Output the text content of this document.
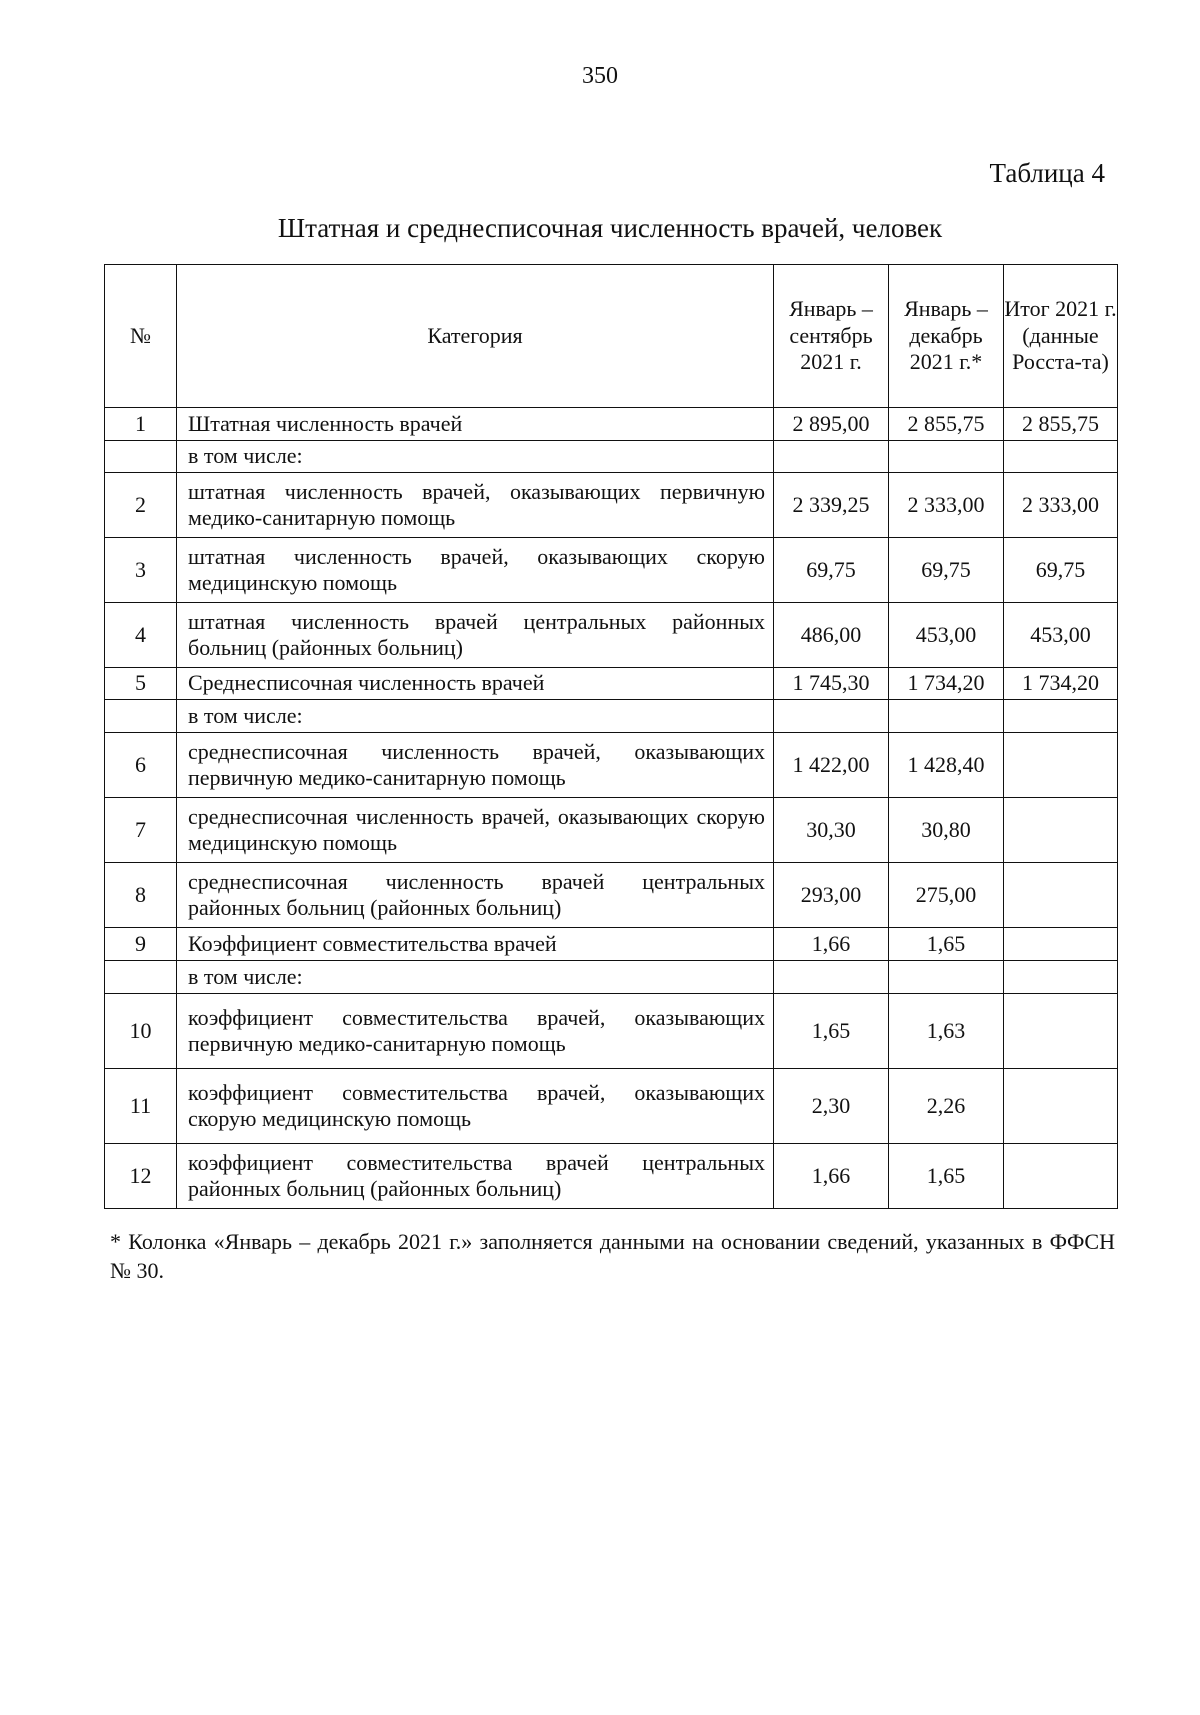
350
Таблица 4
Штатная и среднесписочная численность врачей, человек
№	Категория	Январь – сентябрь 2021 г.	Январь – декабрь 2021 г.*	Итог 2021 г. (данные Росста-та)
1	Штатная численность врачей	2 895,00	2 855,75	2 855,75
	в том числе:			
2	штатная численность врачей, оказывающих первичную медико-санитарную помощь	2 339,25	2 333,00	2 333,00
3	штатная численность врачей, оказывающих скорую медицинскую помощь	69,75	69,75	69,75
4	штатная численность врачей центральных районных больниц (районных больниц)	486,00	453,00	453,00
5	Среднесписочная численность врачей	1 745,30	1 734,20	1 734,20
	в том числе:			
6	среднесписочная численность врачей, оказывающих первичную медико-санитарную помощь	1 422,00	1 428,40	
7	среднесписочная численность врачей, оказывающих скорую медицинскую помощь	30,30	30,80	
8	среднесписочная численность врачей центральных районных больниц (районных больниц)	293,00	275,00	
9	Коэффициент совместительства врачей	1,66	1,65	
	в том числе:			
10	коэффициент совместительства врачей, оказывающих первичную медико-санитарную помощь	1,65	1,63	
11	коэффициент совместительства врачей, оказывающих скорую медицинскую помощь	2,30	2,26	
12	коэффициент совместительства врачей центральных районных больниц (районных больниц)	1,66	1,65	
* Колонка «Январь – декабрь 2021 г.» заполняется данными на основании сведений, указанных в ФФСН № 30.
